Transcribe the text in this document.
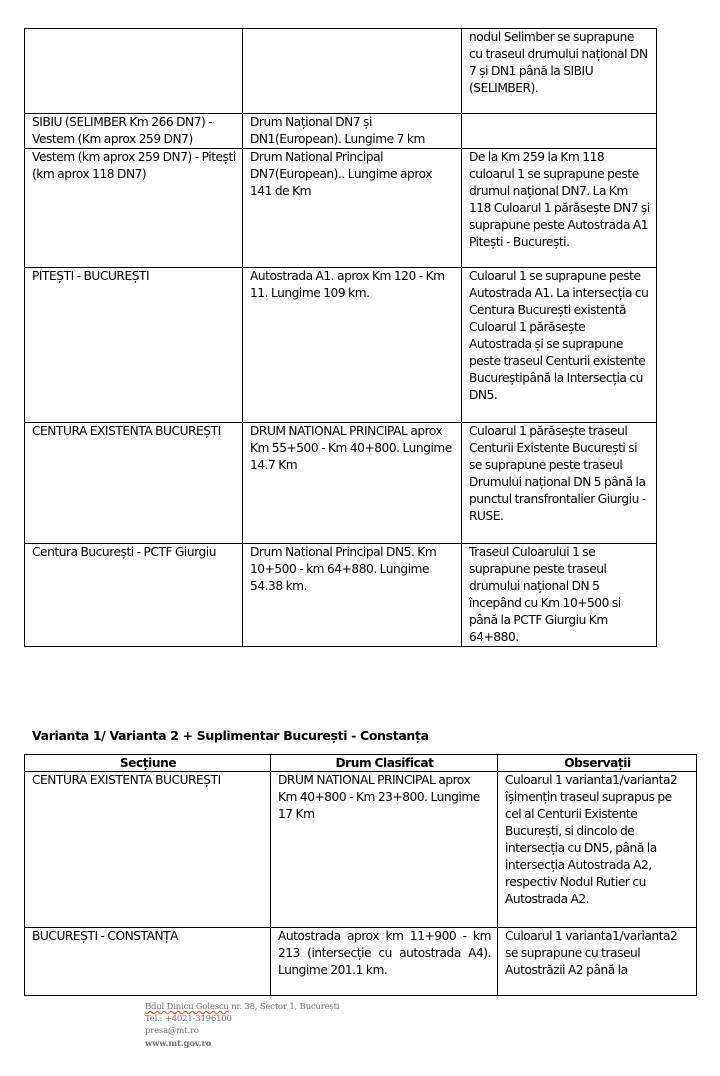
		nodul Selimber se suprapune cu traseul drumului național DN 7 și DN1 până la SIBIU (SELIMBER).
SIBIU (SELIMBER Km 266 DN7) - Vestem (Km aprox 259 DN7)	Drum Național DN7 și DN1(European). Lungime 7 km	
Vestem (km aprox 259 DN7) - Pitești (km aprox 118 DN7)	Drum National Principal DN7(European).. Lungime aprox 141 de Km	De la Km 259 la Km 118 culoarul 1 se suprapune peste drumul național DN7. La Km 118 Culoarul 1 părăsește DN7 și suprapune peste Autostrada A1 Pitești - București.
PITEȘTI - BUCUREȘTI	Autostrada A1. aprox Km 120 - Km 11. Lungime 109 km.	Culoarul 1 se suprapune peste Autostrada A1. La intersecția cu Centura București existentă Culoarul 1 părăsește Autostrada și se suprapune peste traseul Centurii existente Bucureștipână la Intersecția cu DN5.
CENTURA EXISTENTA BUCUREȘTI	DRUM NATIONAL PRINCIPAL aprox Km 55+500 - Km 40+800. Lungime 14.7 Km	Culoarul 1 părăsește traseul Centurii Existente București si se suprapune peste traseul Drumului național DN 5 până la punctul transfrontalier Giurgiu - RUSE.
Centura București - PCTF Giurgiu	Drum National Principal DN5. Km 10+500 - km 64+880. Lungime 54.38 km.	Traseul Culoarului 1 se suprapune peste traseul drumului național DN 5 începând cu Km 10+500 si până la PCTF Giurgiu Km 64+880.
Varianta 1/ Varianta 2 + Suplimentar București - Constanța
Secțiune	Drum Clasificat	Observații
CENTURA EXISTENTA BUCUREȘTI	DRUM NATIONAL PRINCIPAL aprox Km 40+800 - Km 23+800. Lungime 17 Km	Culoarul 1 varianta1/varianta2 îșimențin traseul suprapus pe cel al Centurii Existente București, si dincolo de intersecția cu DN5, până la intersecția Autostrada A2, respectiv Nodul Rutier cu Autostrada A2.
BUCUREȘTI - CONSTANȚA	Autostrada aprox km 11+900 - km 213 (intersecție cu autostrada A4). Lungime 201.1 km.	Culoarul 1 varianta1/varianta2 se suprapune cu traseul Autostrăzii A2 până la
Bdul Dinicu Golescu nr. 38, Sector 1, București
Tel.: +4021-3196100
presa@mt.ro
www.mt.gov.ro
